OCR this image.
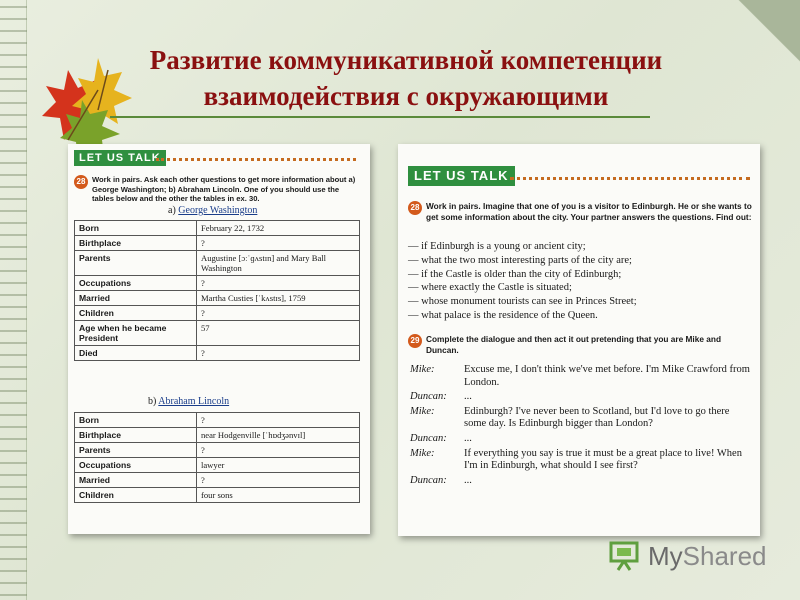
Развитие коммуникативной компетенции
взаимодействия с окружающими
LET US TALK
28 Work in pairs. Ask each other questions to get more information about a) George Washington; b) Abraham Lincoln. One of you should use the tables below and the other the tables in ex. 30.
a) George Washington
Born	February 22, 1732
Birthplace	?
Parents	Augustine [ɔːˈɡʌstɪn] and Mary Ball Washington
Occupations	?
Married	Martha Custies [ˈkʌstɪs], 1759
Children	?
Age when he became President	57
Died	?
b) Abraham Lincoln
Born	?
Birthplace	near Hodgenville [ˈhɒdʒənvɪl]
Parents	?
Occupations	lawyer
Married	?
Children	four sons
LET US TALK
28 Work in pairs. Imagine that one of you is a visitor to Edinburgh. He or she wants to get some information about the city. Your partner answers the questions. Find out:
— if Edinburgh is a young or ancient city;
— what the two most interesting parts of the city are;
— if the Castle is older than the city of Edinburgh;
— where exactly the Castle is situated;
— whose monument tourists can see in Princes Street;
— what palace is the residence of the Queen.
29 Complete the dialogue and then act it out pretending that you are Mike and Duncan.
Mike:	Excuse me, I don't think we've met before. I'm Mike Crawford from London.
Duncan:	...
Mike:	Edinburgh? I've never been to Scotland, but I'd love to go there some day. Is Edinburgh bigger than London?
Duncan:	...
Mike:	If everything you say is true it must be a great place to live! When I'm in Edinburgh, what should I see first?
Duncan:	...
MyShared
